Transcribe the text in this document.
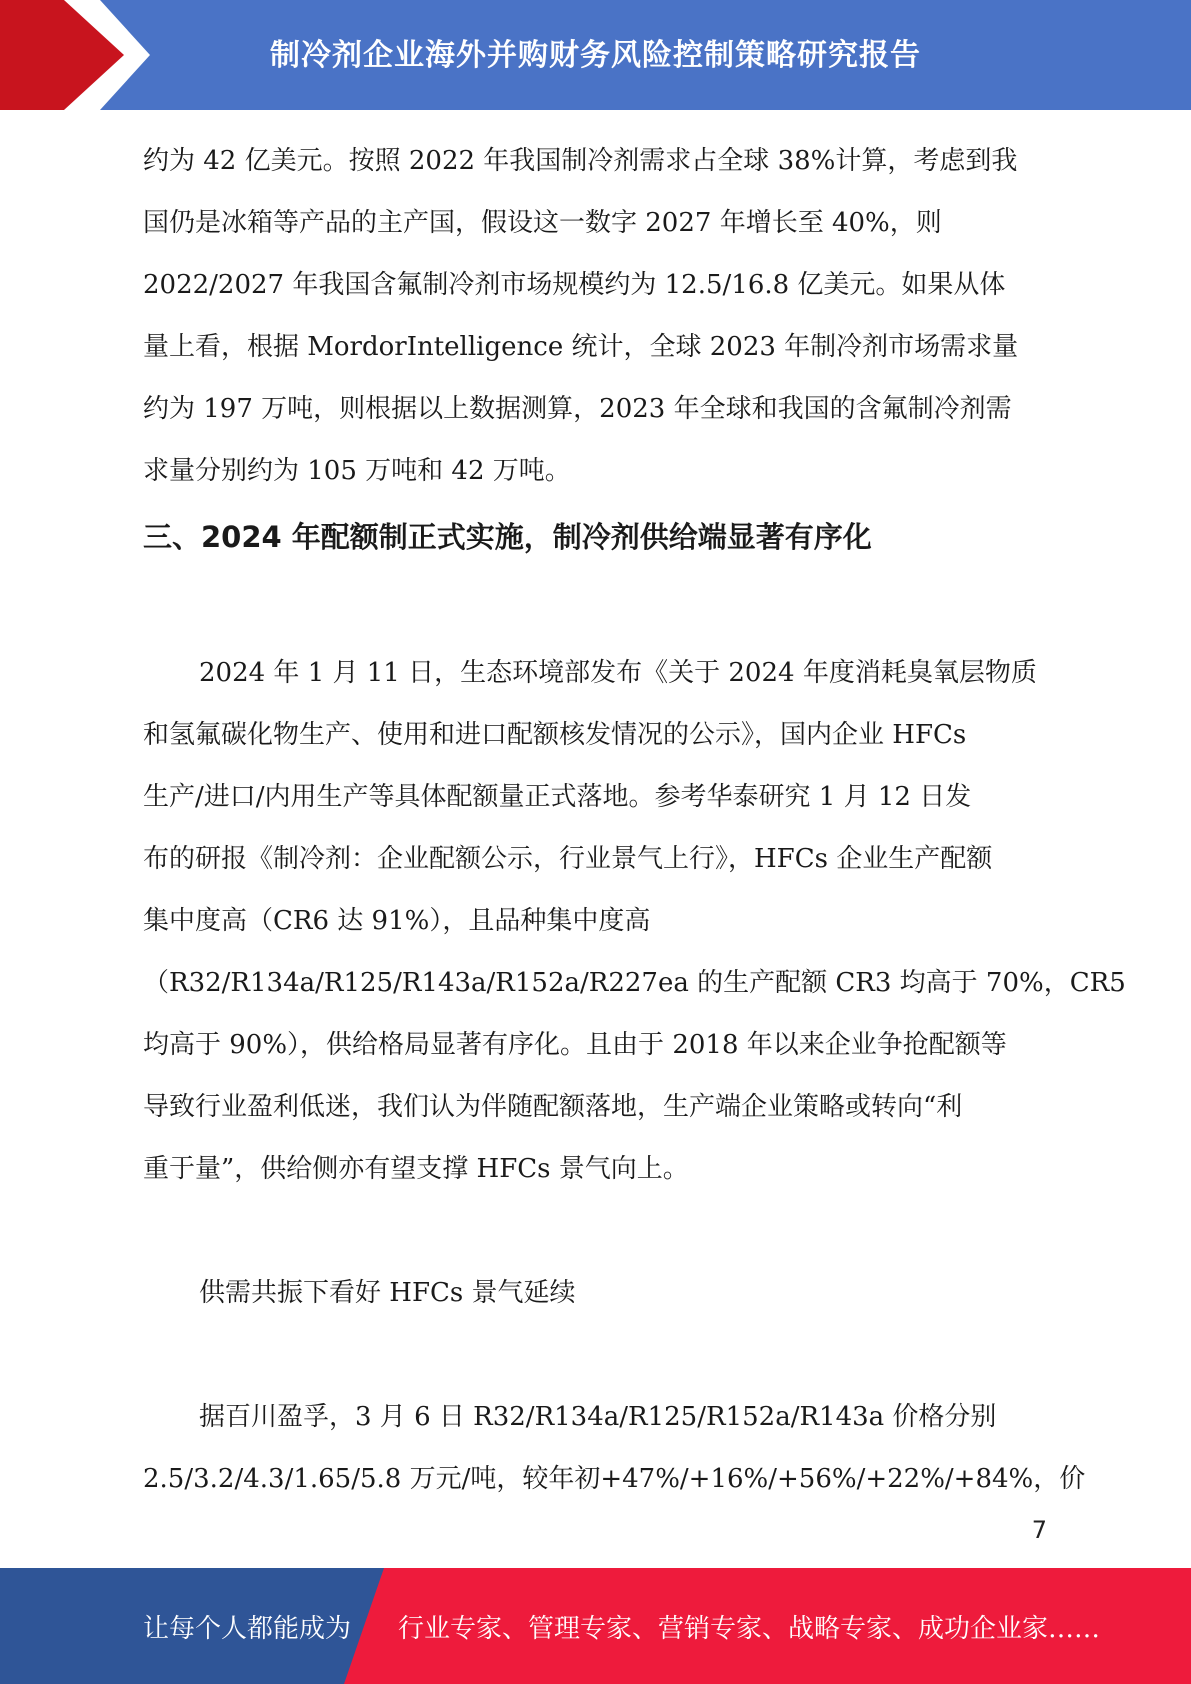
制冷剂企业海外并购财务风险控制策略研究报告

约为 42 亿美元。按照 2022 年我国制冷剂需求占全球 38%计算，考虑到我

国仍是冰箱等产品的主产国，假设这一数字 2027 年增长至 40%，则

2022/2027 年我国含氟制冷剂市场规模约为 12.5/16.8 亿美元。如果从体

量上看，根据 MordorIntelligence 统计，全球 2023 年制冷剂市场需求量

约为 197 万吨，则根据以上数据测算，2023 年全球和我国的含氟制冷剂需

求量分别约为 105 万吨和 42 万吨。

三、2024 年配额制正式实施，制冷剂供给端显著有序化

2024 年 1 月 11 日，生态环境部发布《关于 2024 年度消耗臭氧层物质

和氢氟碳化物生产、使用和进口配额核发情况的公示》，国内企业 HFCs

生产/进口/内用生产等具体配额量正式落地。参考华泰研究 1 月 12 日发

布的研报《制冷剂：企业配额公示，行业景气上行》，HFCs 企业生产配额

集中度高（CR6 达 91%），且品种集中度高

（R32/R134a/R125/R143a/R152a/R227ea 的生产配额 CR3 均高于 70%，CR5

均高于 90%），供给格局显著有序化。且由于 2018 年以来企业争抢配额等

导致行业盈利低迷，我们认为伴随配额落地，生产端企业策略或转向“利

重于量”，供给侧亦有望支撑 HFCs 景气向上。

供需共振下看好 HFCs 景气延续

据百川盈孚，3 月 6 日 R32/R134a/R125/R152a/R143a 价格分别

2.5/3.2/4.3/1.65/5.8 万元/吨，较年初+47%/+16%/+56%/+22%/+84%，价

7
让每个人都能成为 行业专家、管理专家、营销专家、战略专家、成功企业家……
